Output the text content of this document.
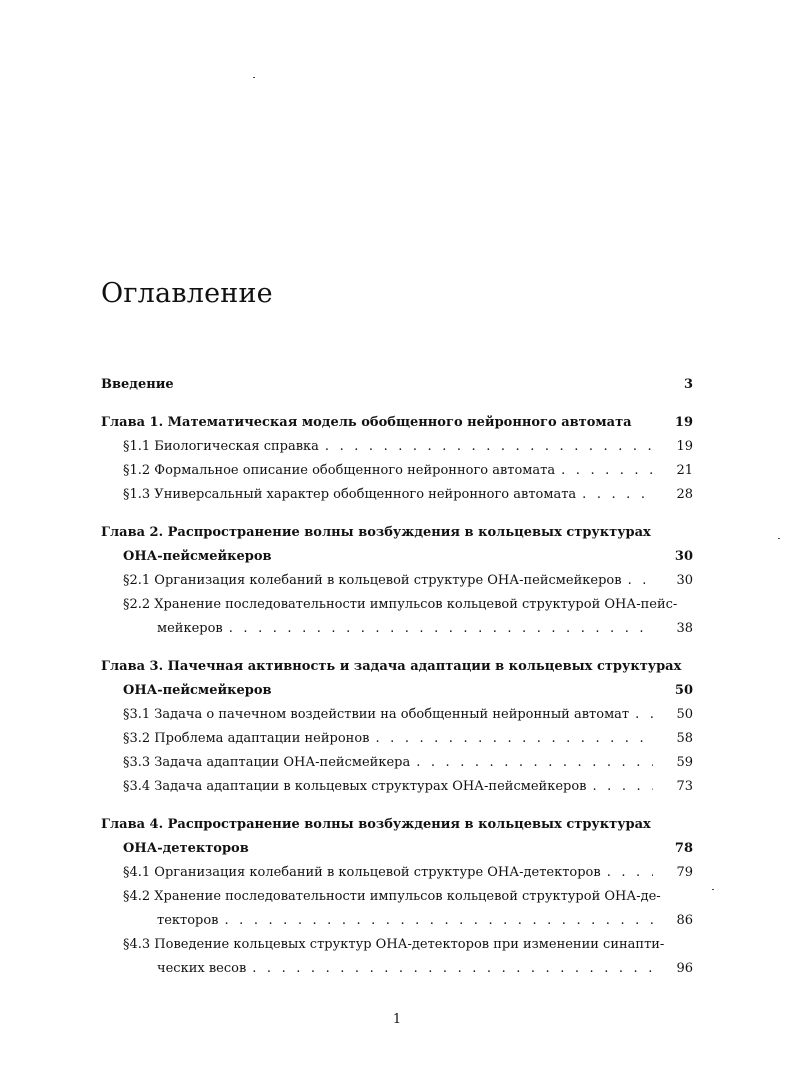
Оглавление
Введение	3
Глава 1. Математическая модель обобщенного нейронного автомата	19
§1.1 Биологическая справка . . .	19
§1.2 Формальное описание обобщенного нейронного автомата . . .	21
§1.3 Универсальный характер обобщенного нейронного автомата . . .	28
Глава 2. Распространение волны возбуждения в кольцевых структурах
ОНА-пейсмейкеров	30
§2.1 Организация колебаний в кольцевой структуре ОНА-пейсмейкеров . . .	30
§2.2 Хранение последовательности импульсов кольцевой структурой ОНА-пейс-
мейкеров . . .	38
Глава 3. Пачечная активность и задача адаптации в кольцевых структурах
ОНА-пейсмейкеров	50
§3.1 Задача о пачечном воздействии на обобщенный нейронный автомат . . .	50
§3.2 Проблема адаптации нейронов . . .	58
§3.3 Задача адаптации ОНА-пейсмейкера . . .	59
§3.4 Задача адаптации в кольцевых структурах ОНА-пейсмейкеров . . .	73
Глава 4. Распространение волны возбуждения в кольцевых структурах
ОНА-детекторов	78
§4.1 Организация колебаний в кольцевой структуре ОНА-детекторов . . .	79
§4.2 Хранение последовательности импульсов кольцевой структурой ОНА-де-
текторов . . .	86
§4.3 Поведение кольцевых структур ОНА-детекторов при изменении синапти-
ческих весов . . .	96
1
